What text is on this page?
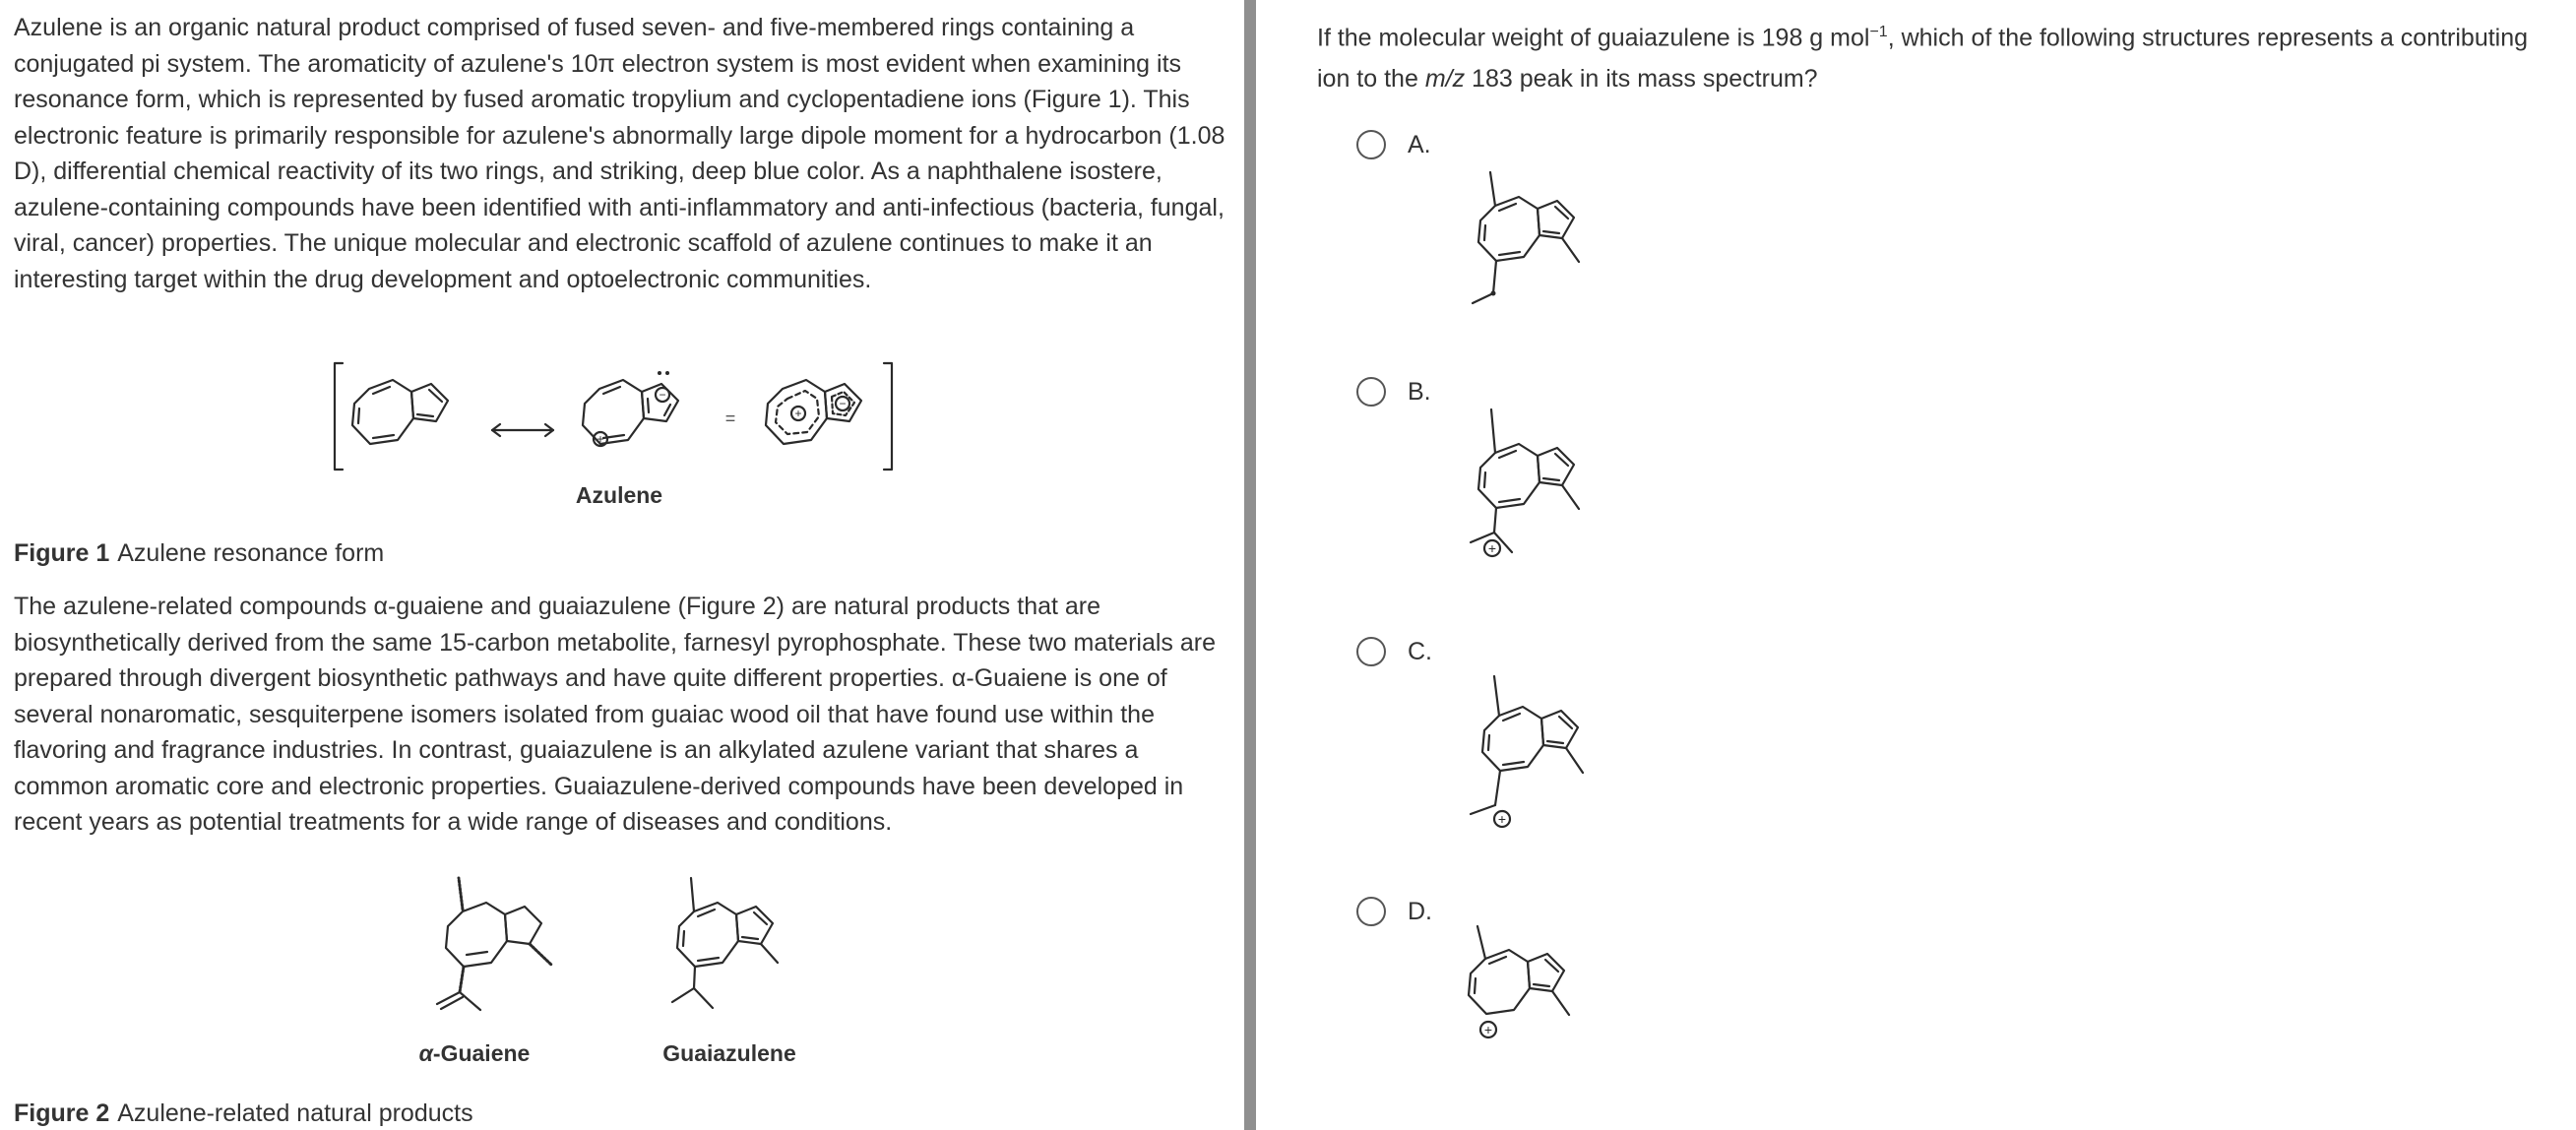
Azulene is an organic natural product comprised of fused seven- and five-membered rings containing a conjugated pi system. The aromaticity of azulene's 10π electron system is most evident when examining its resonance form, which is represented by fused aromatic tropylium and cyclopentadiene ions (Figure 1). This electronic feature is primarily responsible for azulene's abnormally large dipole moment for a hydrocarbon (1.08 D), differential chemical reactivity of its two rings, and striking, deep blue color. As a naphthalene isostere, azulene-containing compounds have been identified with anti-inflammatory and anti-infectious (bacteria, fungal, viral, cancer) properties. The unique molecular and electronic scaffold of azulene continues to make it an interesting target within the drug development and optoelectronic communities.

+
−
+
−
=
Azulene
Figure 1 Azulene resonance form

The azulene-related compounds α-guaiene and guaiazulene (Figure 2) are natural products that are biosynthetically derived from the same 15-carbon metabolite, farnesyl pyrophosphate. These two materials are prepared through divergent biosynthetic pathways and have quite different properties. α-Guaiene is one of several nonaromatic, sesquiterpene isomers isolated from guaiac wood oil that have found use within the flavoring and fragrance industries. In contrast, guaiazulene is an alkylated azulene variant that shares a common aromatic core and electronic properties. Guaiazulene-derived compounds have been developed in recent years as potential treatments for a wide range of diseases and conditions.

α-Guaiene	Guaiazulene
Figure 2 Azulene-related natural products

If the molecular weight of guaiazulene is 198 g mol$^{-1}$, which of the following structures represents a contributing ion to the m/z 183 peak in its mass spectrum?

A.
B.
+
C.
+
D.
+
